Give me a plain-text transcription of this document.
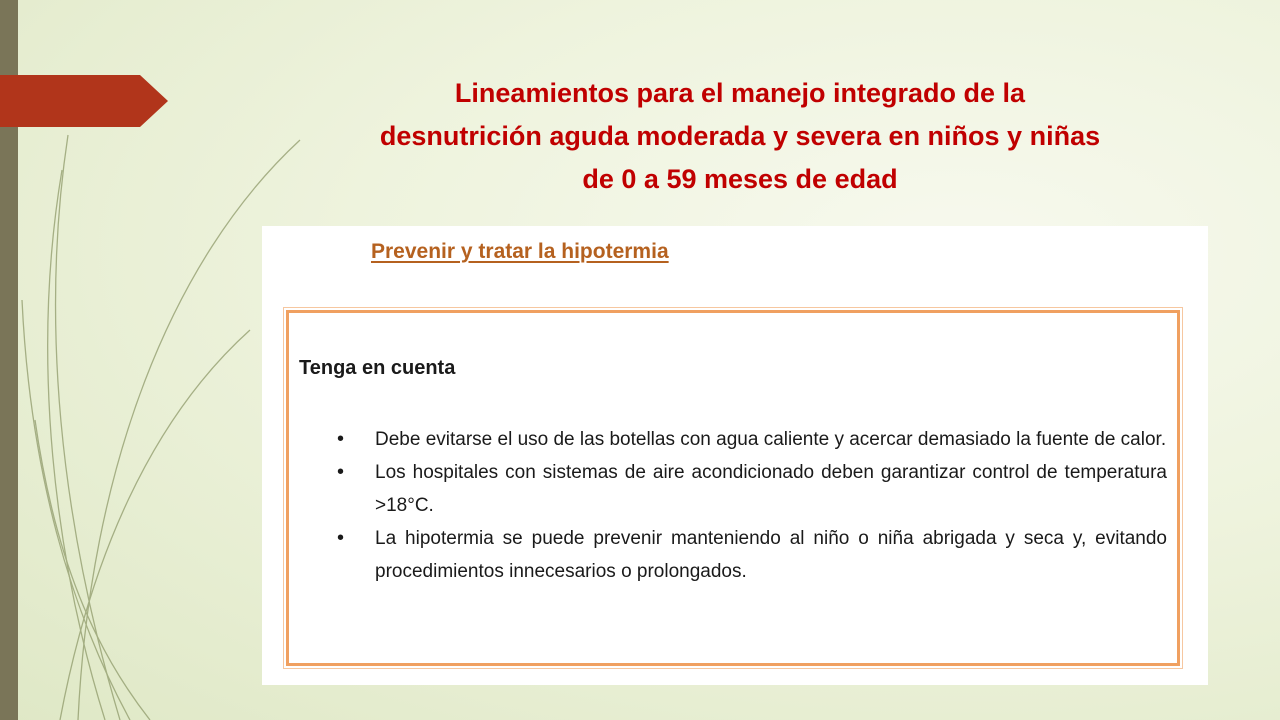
Lineamientos para el manejo integrado de la
desnutrición aguda moderada y severa en niños y niñas
de 0 a 59 meses de edad
Prevenir y tratar la hipotermia
Tenga en cuenta
• Debe evitarse el uso de las botellas con agua caliente y acercar demasiado la fuente de calor.
• Los hospitales con sistemas de aire acondicionado deben garantizar control de temperatura >18°C.
• La hipotermia se puede prevenir manteniendo al niño o niña abrigada y seca y, evitando procedimientos innecesarios o prolongados.
